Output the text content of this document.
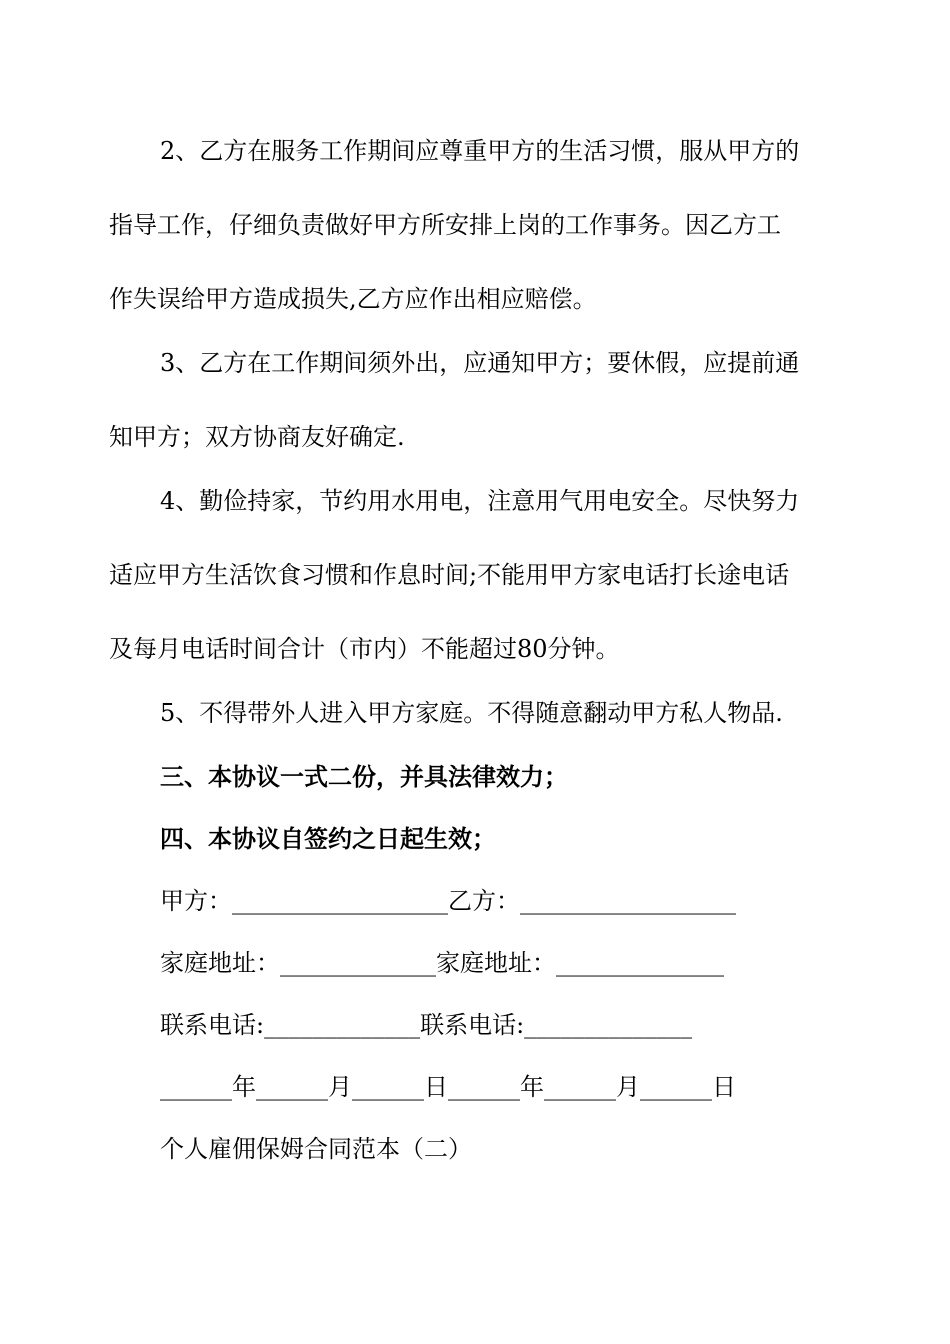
2、乙方在服务工作期间应尊重甲方的生活习惯，服从甲方的
指导工作，仔细负责做好甲方所安排上岗的工作事务。因乙方工
作失误给甲方造成损失,乙方应作出相应赔偿。
3、乙方在工作期间须外出，应通知甲方；要休假，应提前通
知甲方；双方协商友好确定.
4、勤俭持家，节约用水用电，注意用气用电安全。尽快努力
适应甲方生活饮食习惯和作息时间;不能用甲方家电话打长途电话
及每月电话时间合计（市内）不能超过80分钟。
5、不得带外人进入甲方家庭。不得随意翻动甲方私人物品.
三、本协议一式二份，并具法律效力；
四、本协议自签约之日起生效；
甲方：__________________乙方：__________________
家庭地址：_____________家庭地址：______________
联系电话:_____________联系电话:______________
______年______月______日______年______月______日
个人雇佣保姆合同范本（二）
